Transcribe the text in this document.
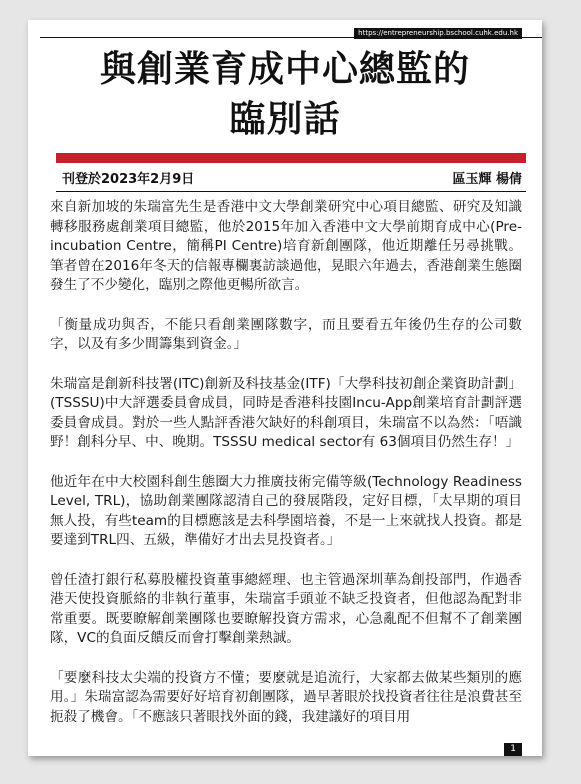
https://entrepreneurship.bschool.cuhk.edu.hk
與創業育成中心總監的
臨別話
刊登於2023年2月9日	區玉輝 楊倩

來自新加坡的朱瑞富先生是香港中文大學創業研究中心項目總監、研究及知識轉移服務處創業項目總監，他於2015年加入香港中文大學前期育成中心(Pre-incubation Centre，簡稱PI Centre)培育新創團隊，他近期離任另尋挑戰。筆者曾在2016年冬天的信報專欄裏訪談過他，晃眼六年過去，香港創業生態圈發生了不少變化，臨別之際他更暢所欲言。

「衡量成功與否，不能只看創業團隊數字，而且要看五年後仍生存的公司數字，以及有多少間籌集到資金。」

朱瑞富是創新科技署(ITC)創新及科技基金(ITF)「大學科技初創企業資助計劃」(TSSSU)中大評選委員會成員，同時是香港科技園Incu-App創業培育計劃評選委員會成員。對於一些人點評香港欠缺好的科創項目，朱瑞富不以為然：「唔識野！創科分早、中、晚期。TSSSU medical sector有 63個項目仍然生存！」

他近年在中大校園科創生態圈大力推廣技術完備等級(Technology Readiness Level, TRL)，協助創業團隊認清自己的發展階段，定好目標，「太早期的項目無人投，有些team的目標應該是去科學園培養，不是一上來就找人投資。都是要達到TRL四、五級，準備好才出去見投資者。」

曾任渣打銀行私募股權投資董事總經理、也主管過深圳華為創投部門，作過香港天使投資脈絡的非執行董事，朱瑞富手頭並不缺乏投資者，但他認為配對非常重要。既要瞭解創業團隊也要瞭解投資方需求，心急亂配不但幫不了創業團隊，VC的負面反饋反而會打擊創業熱誠。

「要麼科技太尖端的投資方不懂；要麼就是追流行，大家都去做某些類別的應用。」朱瑞富認為需要好好培育初創團隊，過早著眼於找投資者往往是浪費甚至扼殺了機會。「不應該只著眼找外面的錢，我建議好的項目用

1
